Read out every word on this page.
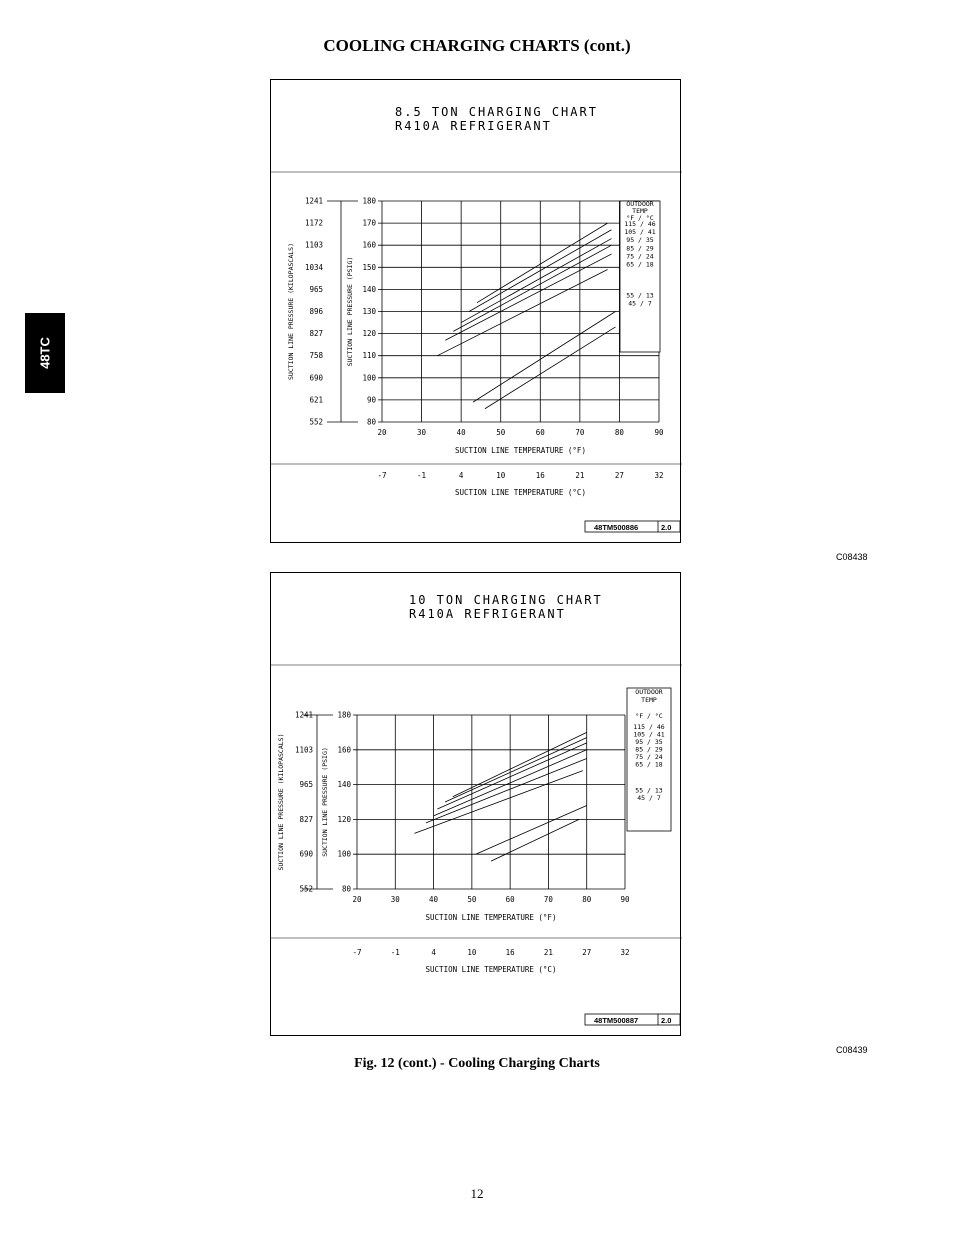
COOLING CHARGING CHARTS (cont.)
48TC
8.5 TON CHARGING CHART
R410A REFRIGERANT
20	30	40	50	60	70	80	90
SUCTION LINE TEMPERATURE (°F)
80
90
100
110
120
130
140
150
160
170
180
SUCTION LINE PRESSURE (PSIG)
552
621
690
758
827
896
965
1034
1103
1172
1241
SUCTION LINE PRESSURE (KILOPASCALS)
-7	-1	4	10	16	21	27	32
SUCTION LINE TEMPERATURE (°C)
OUTDOOR
TEMP
°F / °C
115 / 46
105 / 41
95 / 35
85 / 29
75 / 24
65 / 18
55 / 13
45 / 7
48TM500886	2.0
C08438
10 TON CHARGING CHART
R410A REFRIGERANT
20	30	40	50	60	70	80	90
SUCTION LINE TEMPERATURE (°F)
80
100
120
140
160
180
SUCTION LINE PRESSURE (PSIG)
552
690
827
965
1103
1241
SUCTION LINE PRESSURE (KILOPASCALS)
-7	-1	4	10	16	21	27	32
SUCTION LINE TEMPERATURE (°C)
OUTDOOR
TEMP
°F / °C
115 / 46
105 / 41
95 / 35
85 / 29
75 / 24
65 / 18
55 / 13
45 / 7
48TM500887	2.0
C08439
Fig. 12 (cont.) - Cooling Charging Charts
12
